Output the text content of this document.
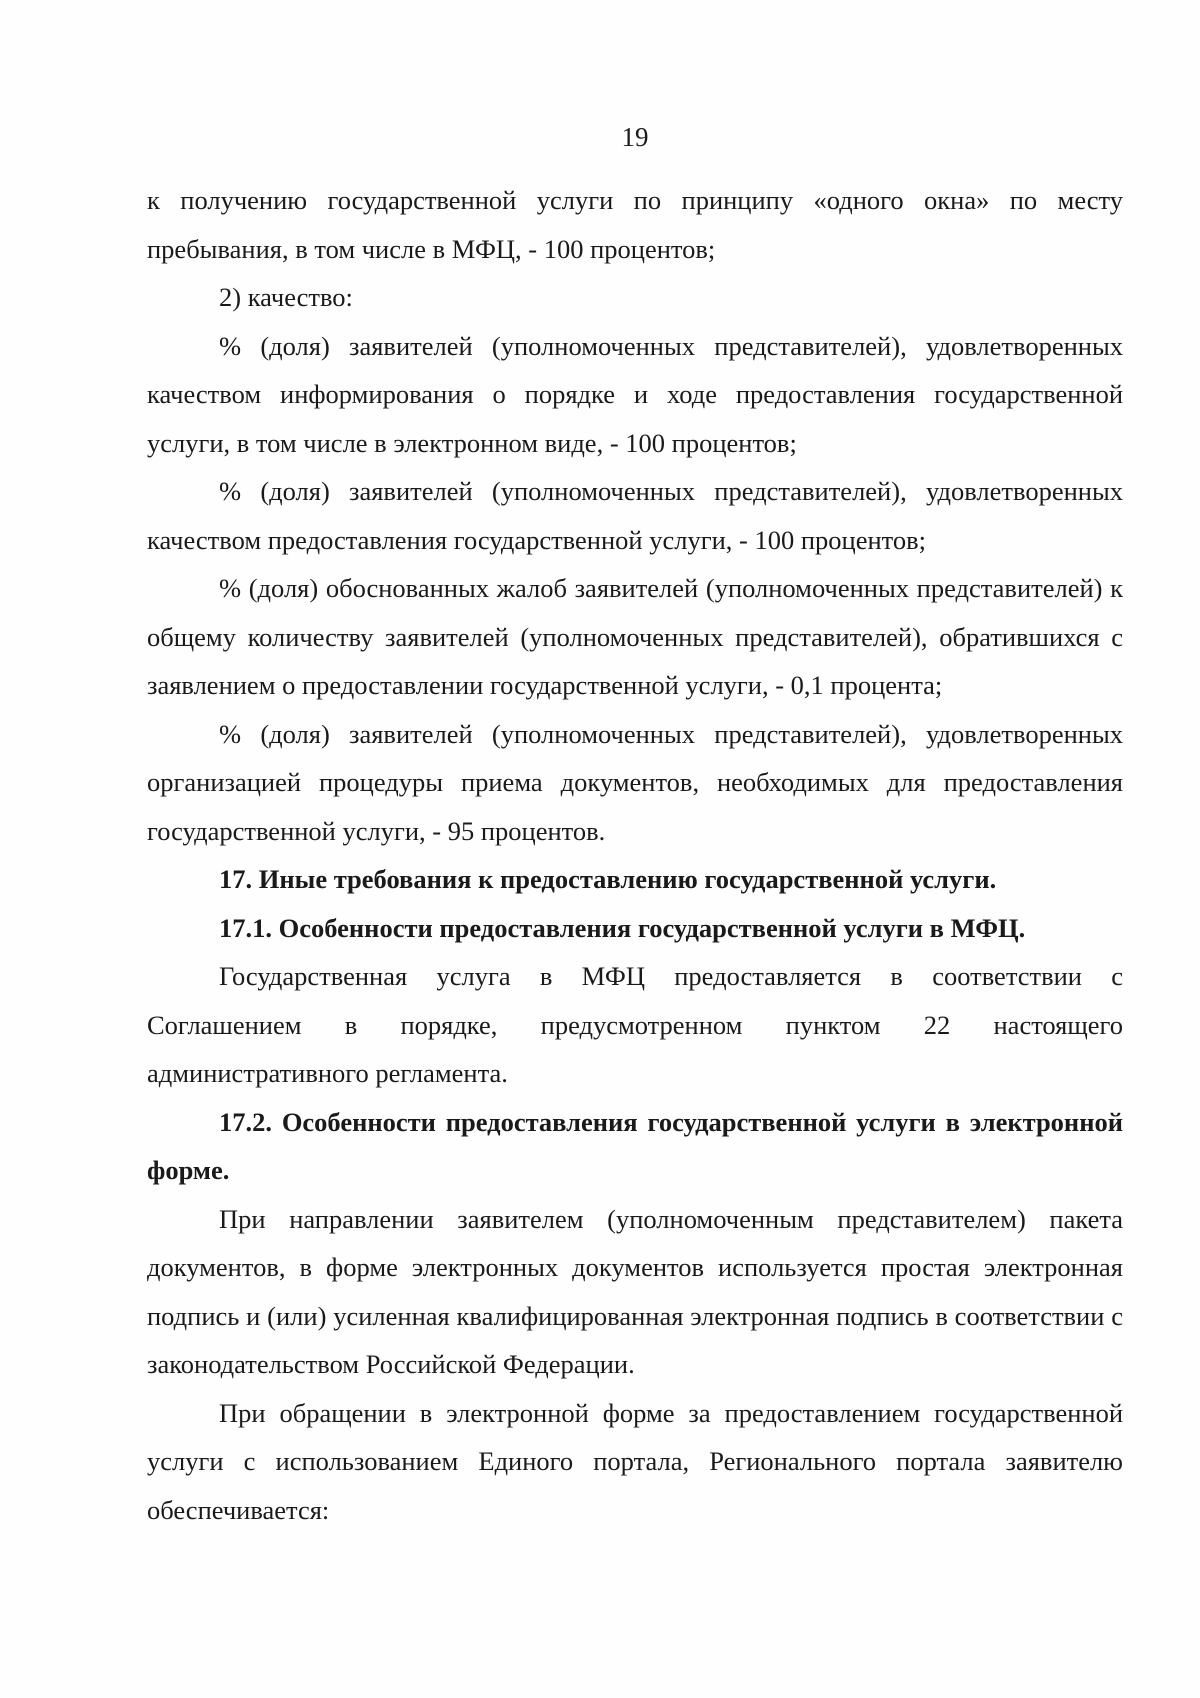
19

к получению государственной услуги по принципу «одного окна» по месту пребывания, в том числе в МФЦ, - 100 процентов;

2) качество:

% (доля) заявителей (уполномоченных представителей), удовлетворенных качеством информирования о порядке и ходе предоставления государственной услуги, в том числе в электронном виде, - 100 процентов;

% (доля) заявителей (уполномоченных представителей), удовлетворенных качеством предоставления государственной услуги, - 100 процентов;

% (доля) обоснованных жалоб заявителей (уполномоченных представителей) к общему количеству заявителей (уполномоченных представителей), обратившихся с заявлением о предоставлении государственной услуги, - 0,1 процента;

% (доля) заявителей (уполномоченных представителей), удовлетворенных организацией процедуры приема документов, необходимых для предоставления государственной услуги, - 95 процентов.

17. Иные требования к предоставлению государственной услуги.

17.1. Особенности предоставления государственной услуги в МФЦ.

Государственная услуга в МФЦ предоставляется в соответствии с Соглашением в порядке, предусмотренном пунктом 22 настоящего административного регламента.

17.2. Особенности предоставления государственной услуги в электронной форме.

При направлении заявителем (уполномоченным представителем) пакета документов, в форме электронных документов используется простая электронная подпись и (или) усиленная квалифицированная электронная подпись в соответствии с законодательством Российской Федерации.

При обращении в электронной форме за предоставлением государственной услуги с использованием Единого портала, Регионального портала заявителю обеспечивается:
